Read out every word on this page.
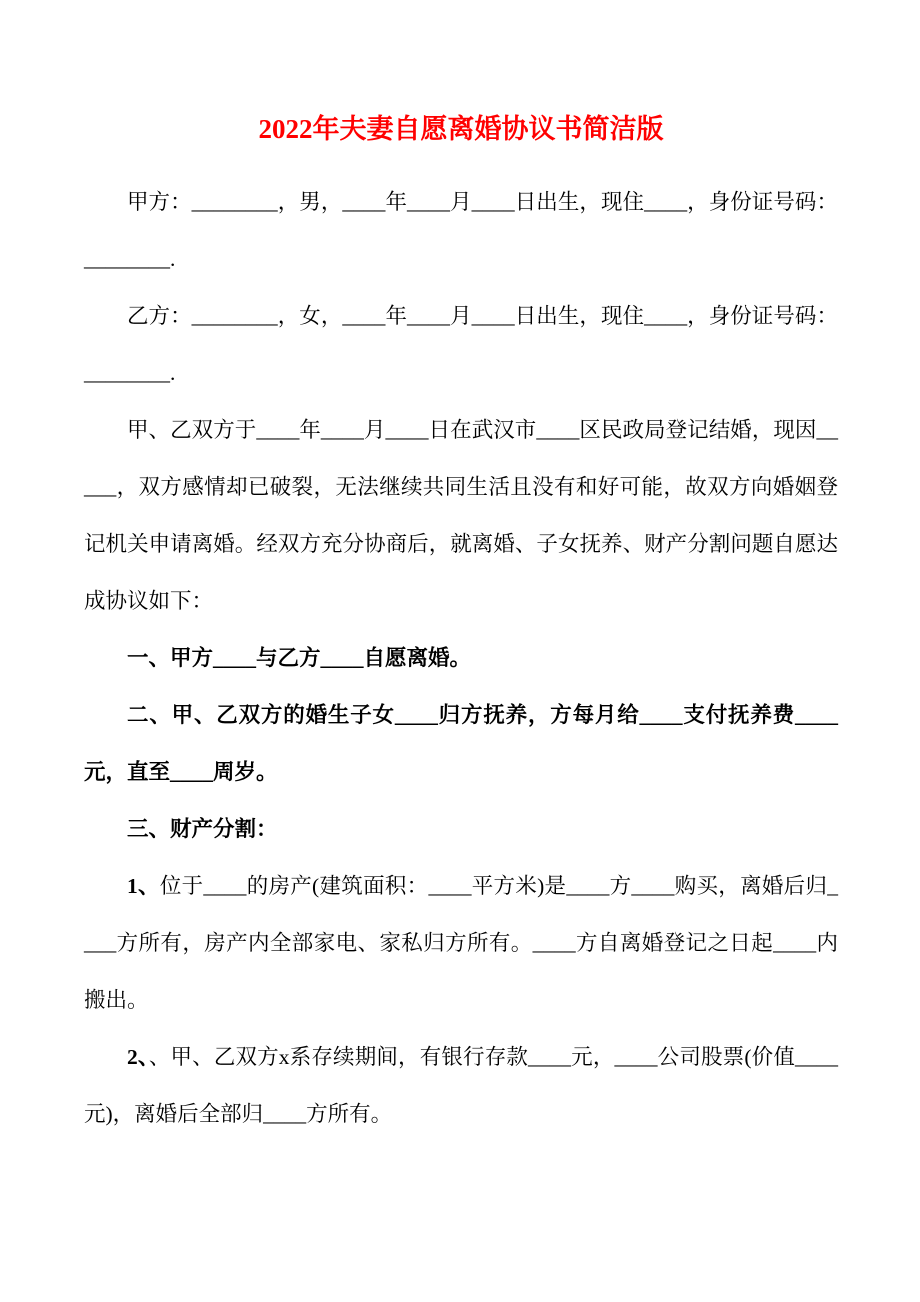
2022年夫妻自愿离婚协议书简洁版

甲方：________，男，____年____月____日出生，现住____，身份证号码：________.

乙方：________，女，____年____月____日出生，现住____，身份证号码：________.

甲、乙双方于____年____月____日在武汉市____区民政局登记结婚，现因_____，双方感情却已破裂，无法继续共同生活且没有和好可能，故双方向婚姻登记机关申请离婚。经双方充分协商后，就离婚、子女抚养、财产分割问题自愿达成协议如下：

一、甲方____与乙方____自愿离婚。

二、甲、乙双方的婚生子女____归方抚养，方每月给____支付抚养费____元，直至____周岁。

三、财产分割：

1、位于____的房产(建筑面积：____平方米)是____方____购买，离婚后归____方所有，房产内全部家电、家私归方所有。____方自离婚登记之日起____内搬出。

2、、甲、乙双方x系存续期间，有银行存款____元，____公司股票(价值____元)，离婚后全部归____方所有。
